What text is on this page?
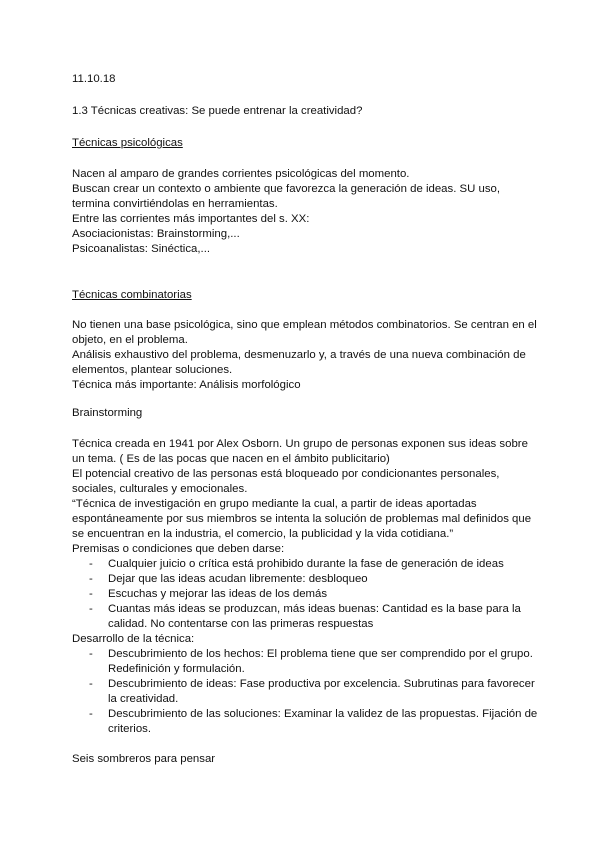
11.10.18
1.3 Técnicas creativas: Se puede entrenar la creatividad?
Técnicas psicológicas
Nacen al amparo de grandes corrientes psicológicas del momento.
Buscan crear un contexto o ambiente que favorezca la generación de ideas. SU uso,
termina convirtiéndolas en herramientas.
Entre las corrientes más importantes del s. XX:
Asociacionistas: Brainstorming,...
Psicoanalistas: Sinéctica,...
Técnicas combinatorias
No tienen una base psicológica, sino que emplean métodos combinatorios. Se centran en el
objeto, en el problema.
Análisis exhaustivo del problema, desmenuzarlo y, a través de una nueva combinación de
elementos, plantear soluciones.
Técnica más importante: Análisis morfológico
Brainstorming
Técnica creada en 1941 por Alex Osborn. Un grupo de personas exponen sus ideas sobre
un tema. ( Es de las pocas que nacen en el ámbito publicitario)
El potencial creativo de las personas está bloqueado por condicionantes personales,
sociales, culturales y emocionales.
“Técnica de investigación en grupo mediante la cual, a partir de ideas aportadas
espontáneamente por sus miembros se intenta la solución de problemas mal definidos que
se encuentran en la industria, el comercio, la publicidad y la vida cotidiana.”
Premisas o condiciones que deben darse:
- Cualquier juicio o crítica está prohibido durante la fase de generación de ideas
- Dejar que las ideas acudan libremente: desbloqueo
- Escuchas y mejorar las ideas de los demás
- Cuantas más ideas se produzcan, más ideas buenas: Cantidad es la base para la
calidad. No contentarse con las primeras respuestas
Desarrollo de la técnica:
- Descubrimiento de los hechos: El problema tiene que ser comprendido por el grupo.
Redefinición y formulación.
- Descubrimiento de ideas: Fase productiva por excelencia. Subrutinas para favorecer
la creatividad.
- Descubrimiento de las soluciones: Examinar la validez de las propuestas. Fijación de
criterios.
Seis sombreros para pensar
